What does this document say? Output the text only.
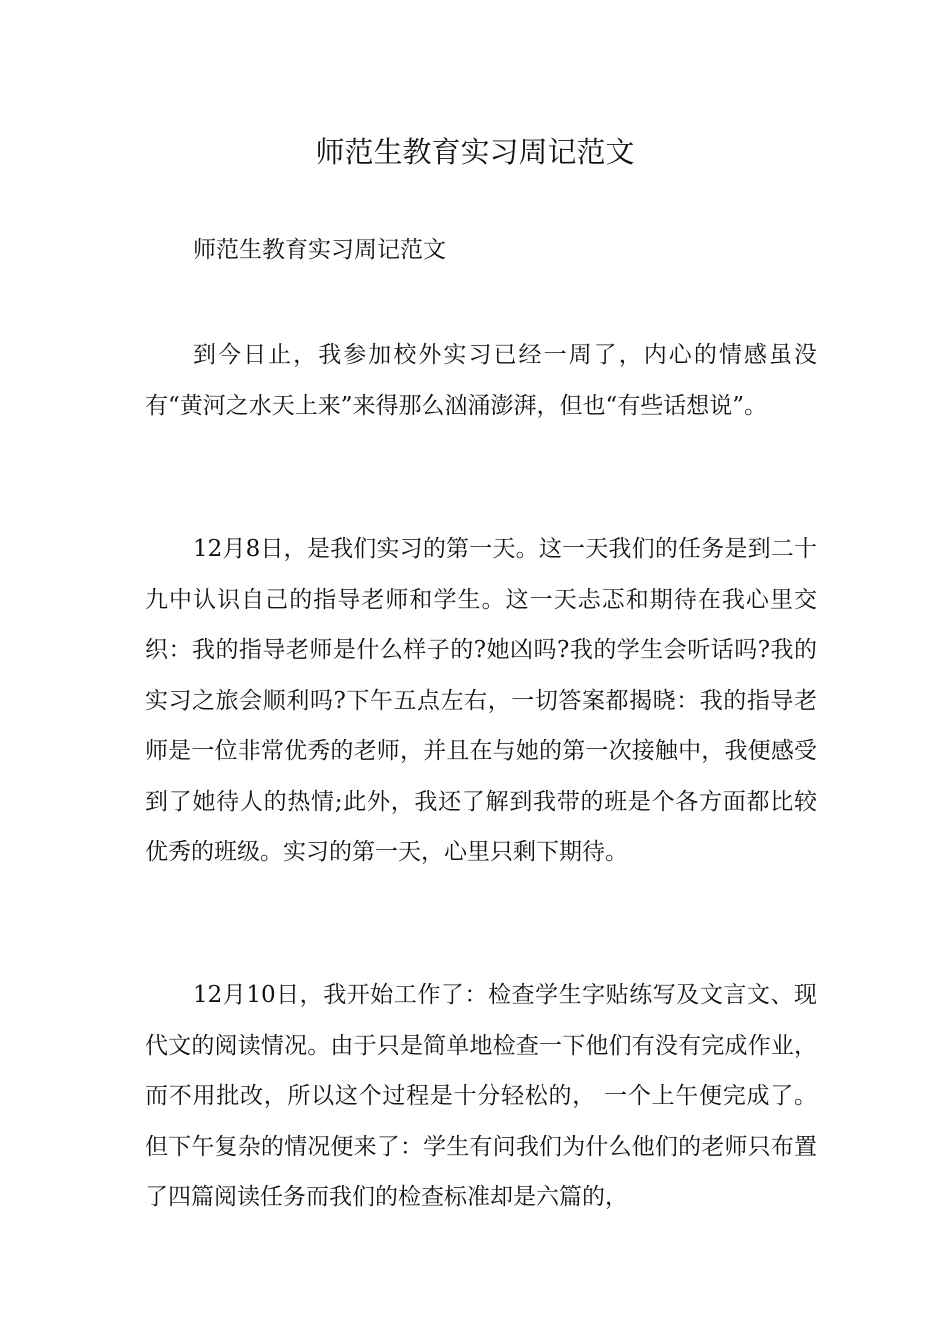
师范生教育实习周记范文

师范生教育实习周记范文

到今日止，我参加校外实习已经一周了，内心的情感虽没有“黄河之水天上来”来得那么汹涌澎湃，但也“有些话想说”。

12月8日，是我们实习的第一天。这一天我们的任务是到二十九中认识自己的指导老师和学生。这一天忐忑和期待在我心里交织：我的指导老师是什么样子的?她凶吗?我的学生会听话吗?我的实习之旅会顺利吗?下午五点左右，一切答案都揭晓：我的指导老师是一位非常优秀的老师，并且在与她的第一次接触中，我便感受到了她待人的热情;此外，我还了解到我带的班是个各方面都比较优秀的班级。实习的第一天，心里只剩下期待。

12月10日，我开始工作了：检查学生字贴练写及文言文、现代文的阅读情况。由于只是简单地检查一下他们有没有完成作业，而不用批改，所以这个过程是十分轻松的， 一个上午便完成了。但下午复杂的情况便来了：学生有问我们为什么他们的老师只布置了四篇阅读任务而我们的检查标准却是六篇的，
